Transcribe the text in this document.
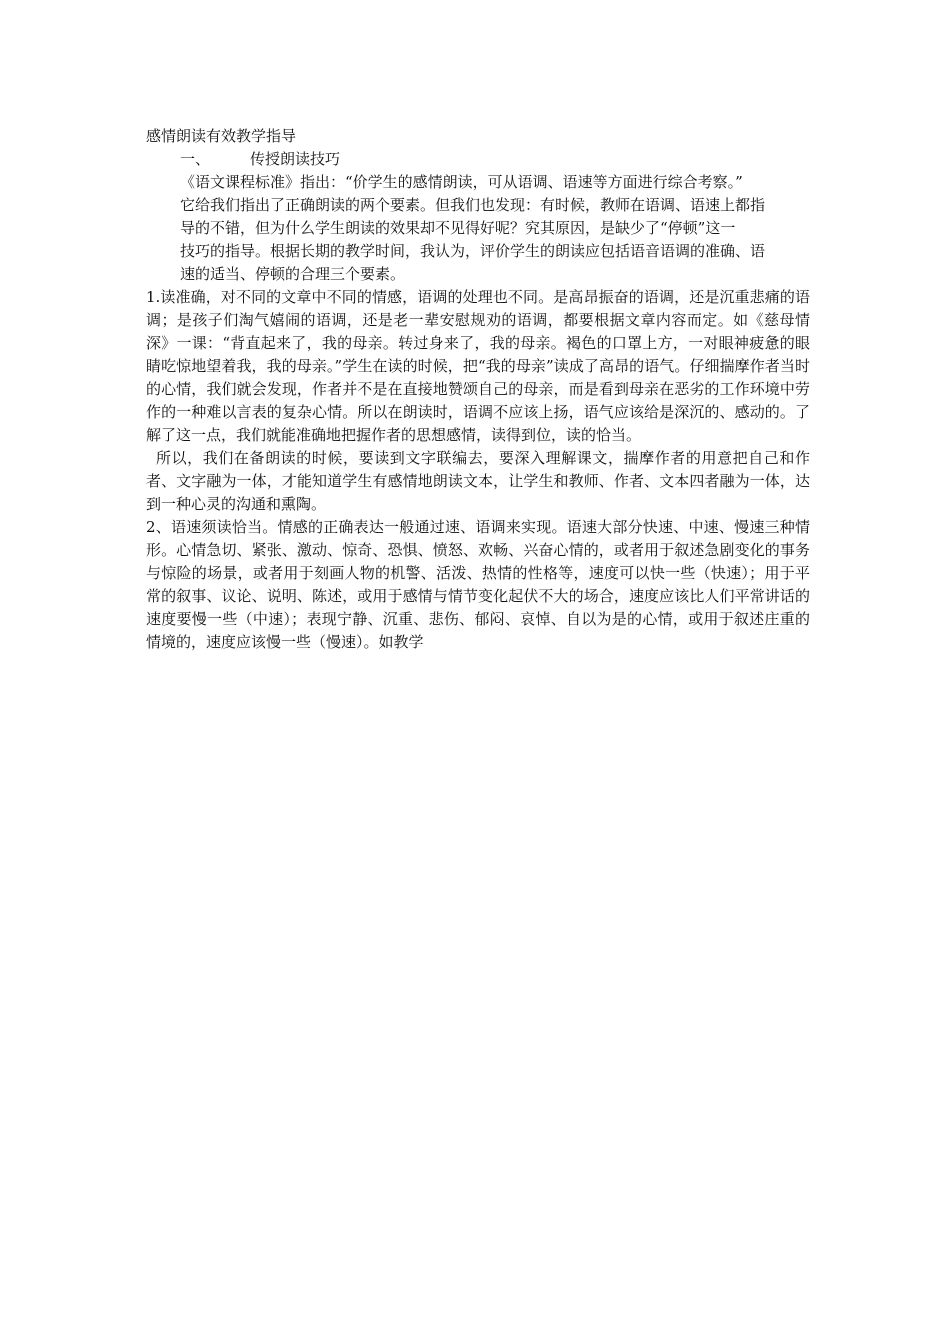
感情朗读有效教学指导

一、	传授朗读技巧

《语文课程标准》指出：“价学生的感情朗读，可从语调、语速等方面进行综合考察。”

它给我们指出了正确朗读的两个要素。但我们也发现：有时候，教师在语调、语速上都指

导的不错，但为什么学生朗读的效果却不见得好呢？究其原因，是缺少了“停顿”这一

技巧的指导。根据长期的教学时间，我认为，评价学生的朗读应包括语音语调的准确、语

速的适当、停顿的合理三个要素。

1.读准确，对不同的文章中不同的情感，语调的处理也不同。是高昂振奋的语调，还是沉重悲痛的语调；是孩子们淘气嬉闹的语调，还是老一辈安慰规劝的语调，都要根据文章内容而定。如《慈母情深》一课：“背直起来了，我的母亲。转过身来了，我的母亲。褐色的口罩上方，一对眼神疲惫的眼睛吃惊地望着我，我的母亲。”学生在读的时候，把“我的母亲”读成了高昂的语气。仔细揣摩作者当时的心情，我们就会发现，作者并不是在直接地赞颂自己的母亲，而是看到母亲在恶劣的工作环境中劳作的一种难以言表的复杂心情。所以在朗读时，语调不应该上扬，语气应该给是深沉的、感动的。了解了这一点，我们就能准确地把握作者的思想感情，读得到位，读的恰当。

所以，我们在备朗读的时候，要读到文字联编去，要深入理解课文，揣摩作者的用意把自己和作者、文字融为一体，才能知道学生有感情地朗读文本，让学生和教师、作者、文本四者融为一体，达到一种心灵的沟通和熏陶。

2、语速须读恰当。情感的正确表达一般通过速、语调来实现。语速大部分快速、中速、慢速三种情形。心情急切、紧张、激动、惊奇、恐惧、愤怒、欢畅、兴奋心情的，或者用于叙述急剧变化的事务与惊险的场景，或者用于刻画人物的机警、活泼、热情的性格等，速度可以快一些（快速）；用于平常的叙事、议论、说明、陈述，或用于感情与情节变化起伏不大的场合，速度应该比人们平常讲话的速度要慢一些（中速）；表现宁静、沉重、悲伤、郁闷、哀悼、自以为是的心情，或用于叙述庄重的情境的，速度应该慢一些（慢速）。如教学
